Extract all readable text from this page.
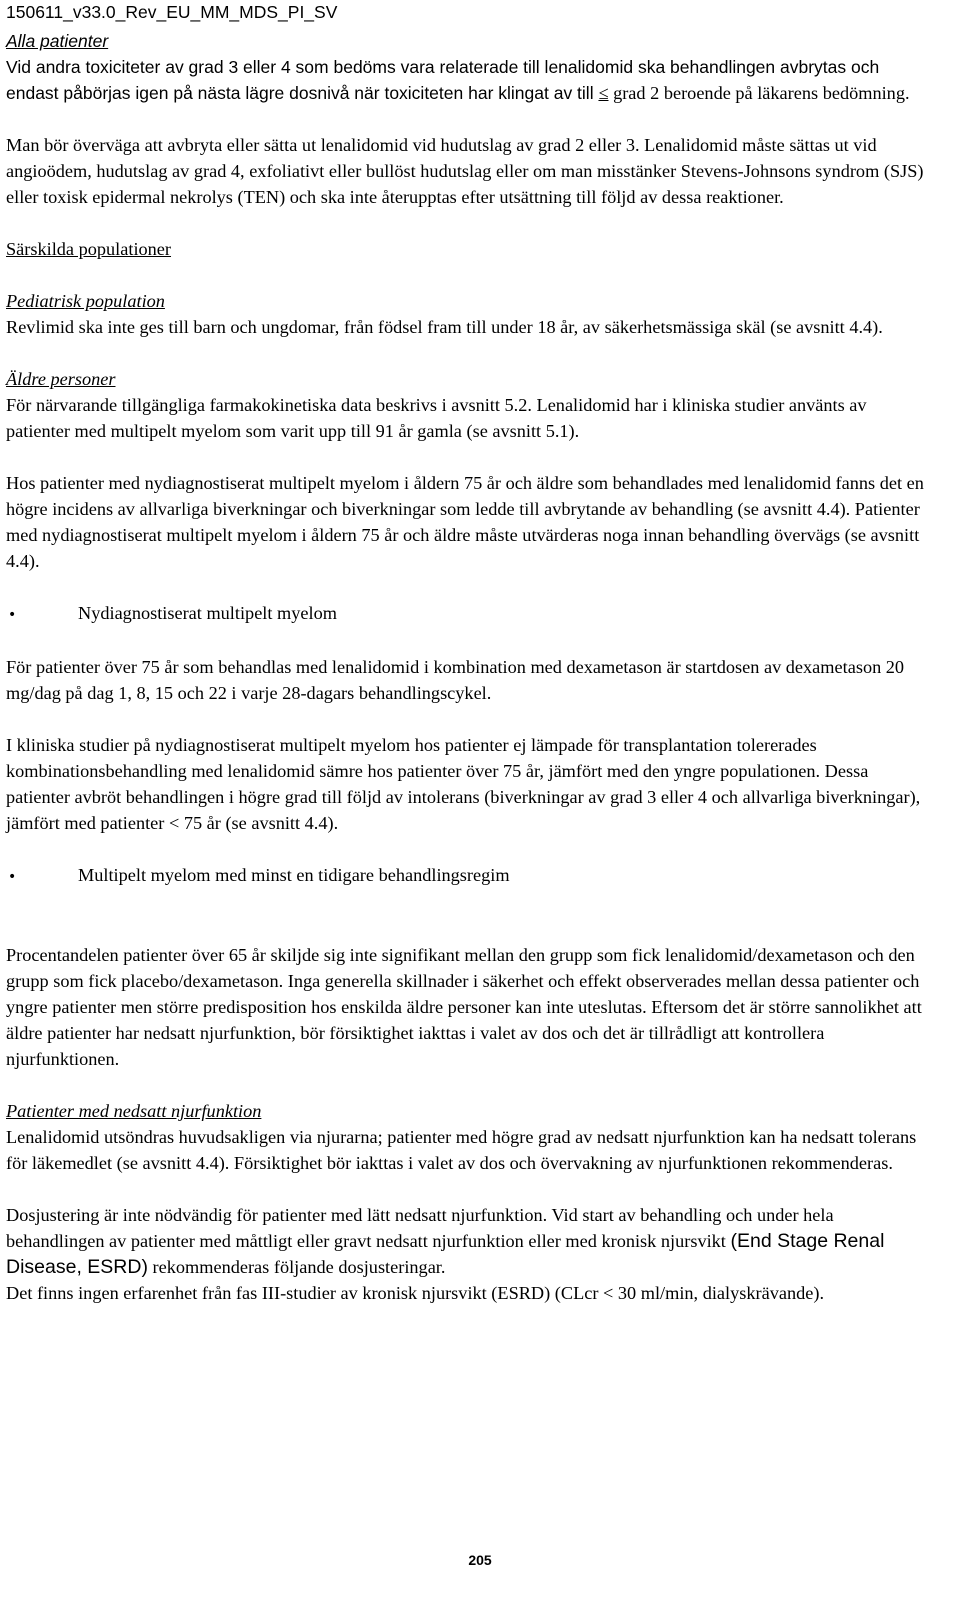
150611_v33.0_Rev_EU_MM_MDS_PI_SV
Alla patienter
Vid andra toxiciteter av grad 3 eller 4 som bedöms vara relaterade till lenalidomid ska behandlingen avbrytas och endast påbörjas igen på nästa lägre dosnivå när toxiciteten har klingat av till ≤ grad 2 beroende på läkarens bedömning.
Man bör överväga att avbryta eller sätta ut lenalidomid vid hudutslag av grad 2 eller 3. Lenalidomid måste sättas ut vid angioödem, hudutslag av grad 4, exfoliativt eller bullöst hudutslag eller om man misstänker Stevens-Johnsons syndrom (SJS) eller toxisk epidermal nekrolys (TEN) och ska inte återupptas efter utsättning till följd av dessa reaktioner.
Särskilda populationer
Pediatrisk population
Revlimid ska inte ges till barn och ungdomar, från födsel fram till under 18 år, av säkerhetsmässiga skäl (se avsnitt 4.4).
Äldre personer
För närvarande tillgängliga farmakokinetiska data beskrivs i avsnitt 5.2. Lenalidomid har i kliniska studier använts av patienter med multipelt myelom som varit upp till 91 år gamla (se avsnitt 5.1).
Hos patienter med nydiagnostiserat multipelt myelom i åldern 75 år och äldre som behandlades med lenalidomid fanns det en högre incidens av allvarliga biverkningar och biverkningar som ledde till avbrytande av behandling (se avsnitt 4.4). Patienter med nydiagnostiserat multipelt myelom i åldern 75 år och äldre måste utvärderas noga innan behandling övervägs (se avsnitt 4.4).
•	Nydiagnostiserat multipelt myelom
För patienter över 75 år som behandlas med lenalidomid i kombination med dexametason är startdosen av dexametason 20 mg/dag på dag 1, 8, 15 och 22 i varje 28-dagars behandlingscykel.
I kliniska studier på nydiagnostiserat multipelt myelom hos patienter ej lämpade för transplantation tolererades kombinationsbehandling med lenalidomid sämre hos patienter över 75 år, jämfört med den yngre populationen. Dessa patienter avbröt behandlingen i högre grad till följd av intolerans (biverkningar av grad 3 eller 4 och allvarliga biverkningar), jämfört med patienter < 75 år (se avsnitt 4.4).
•	Multipelt myelom med minst en tidigare behandlingsregim
Procentandelen patienter över 65 år skiljde sig inte signifikant mellan den grupp som fick lenalidomid/dexametason och den grupp som fick placebo/dexametason. Inga generella skillnader i säkerhet och effekt observerades mellan dessa patienter och yngre patienter men större predisposition hos enskilda äldre personer kan inte uteslutas. Eftersom det är större sannolikhet att äldre patienter har nedsatt njurfunktion, bör försiktighet iakttas i valet av dos och det är tillrådligt att kontrollera njurfunktionen.
Patienter med nedsatt njurfunktion
Lenalidomid utsöndras huvudsakligen via njurarna; patienter med högre grad av nedsatt njurfunktion kan ha nedsatt tolerans för läkemedlet (se avsnitt 4.4). Försiktighet bör iakttas i valet av dos och övervakning av njurfunktionen rekommenderas.
Dosjustering är inte nödvändig för patienter med lätt nedsatt njurfunktion. Vid start av behandling och under hela behandlingen av patienter med måttligt eller gravt nedsatt njurfunktion eller med kronisk njursvikt (End Stage Renal Disease, ESRD) rekommenderas följande dosjusteringar.
Det finns ingen erfarenhet från fas III-studier av kronisk njursvikt (ESRD) (CLcr < 30 ml/min, dialyskrävande).
205
